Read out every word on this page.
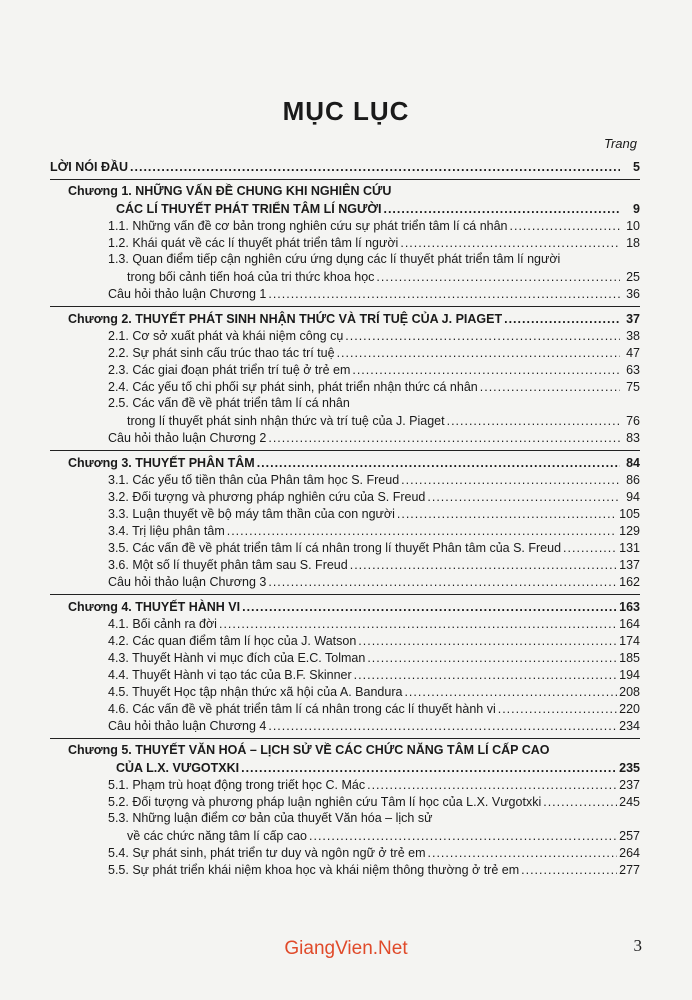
MỤC LỤC
Trang
LỜI NÓI ĐẦU .....	5
Chương 1. NHỮNG VẤN ĐỀ CHUNG KHI NGHIÊN CỨU
CÁC LÍ THUYẾT PHÁT TRIỂN TÂM LÍ NGƯỜI .....	9
1.1. Những vấn đề cơ bản trong nghiên cứu sự phát triển tâm lí cá nhân .....	10
1.2. Khái quát về các lí thuyết phát triển tâm lí người .....	18
1.3. Quan điểm tiếp cận nghiên cứu ứng dụng các lí thuyết phát triển tâm lí người
trong bối cảnh tiến hoá của tri thức khoa học .....	25
Câu hỏi thảo luận Chương 1 .....	36
Chương 2. THUYẾT PHÁT SINH NHẬN THỨC VÀ TRÍ TUỆ CỦA J. PIAGET .....	37
2.1. Cơ sở xuất phát và khái niệm công cụ .....	38
2.2. Sự phát sinh cấu trúc thao tác trí tuệ .....	47
2.3. Các giai đoạn phát triển trí tuệ ở trẻ em .....	63
2.4. Các yếu tố chi phối sự phát sinh, phát triển nhận thức cá nhân .....	75
2.5. Các vấn đề về phát triển tâm lí cá nhân
trong lí thuyết phát sinh nhận thức và trí tuệ của J. Piaget .....	76
Câu hỏi thảo luận Chương 2 .....	83
Chương 3. THUYẾT PHÂN TÂM .....	84
3.1. Các yếu tố tiền thân của Phân tâm học S. Freud .....	86
3.2. Đối tượng và phương pháp nghiên cứu của S. Freud .....	94
3.3. Luận thuyết về bộ máy tâm thần của con người .....	105
3.4. Trị liệu phân tâm .....	129
3.5. Các vấn đề về phát triển tâm lí cá nhân trong lí thuyết Phân tâm của S. Freud .....	131
3.6. Một số lí thuyết phân tâm sau S. Freud .....	137
Câu hỏi thảo luận Chương 3 .....	162
Chương 4. THUYẾT HÀNH VI .....	163
4.1. Bối cảnh ra đời .....	164
4.2. Các quan điểm tâm lí học của J. Watson .....	174
4.3. Thuyết Hành vi mục đích của E.C. Tolman .....	185
4.4. Thuyết Hành vi tạo tác của B.F. Skinner .....	194
4.5. Thuyết Học tập nhận thức xã hội của A. Bandura .....	208
4.6. Các vấn đề về phát triển tâm lí cá nhân trong các lí thuyết hành vi .....	220
Câu hỏi thảo luận Chương 4 .....	234
Chương 5. THUYẾT VĂN HOÁ – LỊCH SỬ VỀ CÁC CHỨC NĂNG TÂM LÍ CẤP CAO
CỦA L.X. VƯGOTXKI .....	235
5.1. Phạm trù hoạt động trong triết học C. Mác .....	237
5.2. Đối tượng và phương pháp luận nghiên cứu Tâm lí học của L.X. Vưgotxki .....	245
5.3. Những luận điểm cơ bản của thuyết Văn hóa – lịch sử
về các chức năng tâm lí cấp cao .....	257
5.4. Sự phát sinh, phát triển tư duy và ngôn ngữ ở trẻ em .....	264
5.5. Sự phát triển khái niệm khoa học và khái niệm thông thường ở trẻ em .....	277
GiangVien.Net	3
